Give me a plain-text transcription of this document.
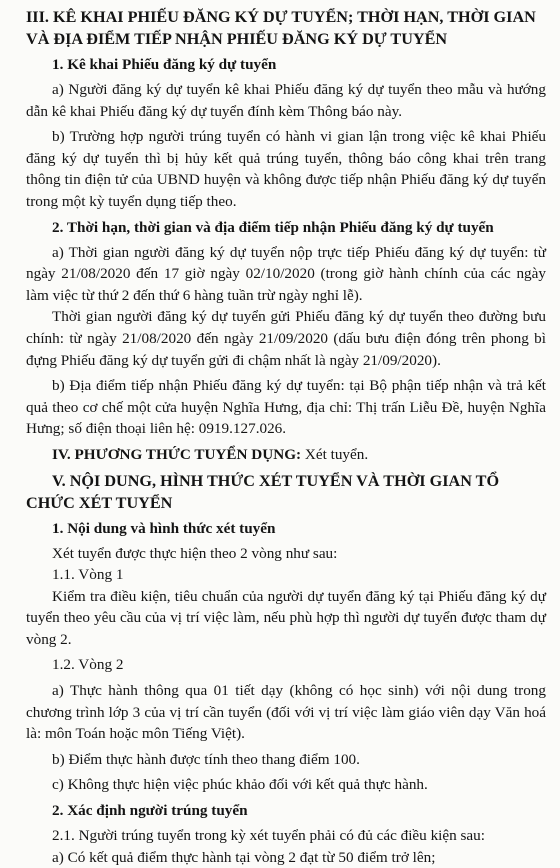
III. KÊ KHAI PHIẾU ĐĂNG KÝ DỰ TUYỂN; THỜI HẠN, THỜI GIAN VÀ ĐỊA ĐIỂM TIẾP NHẬN PHIẾU ĐĂNG KÝ DỰ TUYỂN

1. Kê khai Phiếu đăng ký dự tuyển

a) Người đăng ký dự tuyển kê khai Phiếu đăng ký dự tuyển theo mẫu và hướng dẫn kê khai Phiếu đăng ký dự tuyển đính kèm Thông báo này.

b) Trường hợp người trúng tuyển có hành vi gian lận trong việc kê khai Phiếu đăng ký dự tuyển thì bị hủy kết quả trúng tuyển, thông báo công khai trên trang thông tin điện tử của UBND huyện và không được tiếp nhận Phiếu đăng ký dự tuyển trong một kỳ tuyển dụng tiếp theo.

2. Thời hạn, thời gian và địa điểm tiếp nhận Phiếu đăng ký dự tuyển

a) Thời gian người đăng ký dự tuyển nộp trực tiếp Phiếu đăng ký dự tuyển: từ ngày 21/08/2020 đến 17 giờ ngày 02/10/2020 (trong giờ hành chính của các ngày làm việc từ thứ 2 đến thứ 6 hàng tuần trừ ngày nghỉ lễ).

Thời gian người đăng ký dự tuyển gửi Phiếu đăng ký dự tuyển theo đường bưu chính: từ ngày 21/08/2020 đến ngày 21/09/2020 (dấu bưu điện đóng trên phong bì đựng Phiếu đăng ký dự tuyển gửi đi chậm nhất là ngày 21/09/2020).

b) Địa điểm tiếp nhận Phiếu đăng ký dự tuyển: tại Bộ phận tiếp nhận và trả kết quả theo cơ chế một cửa huyện Nghĩa Hưng, địa chỉ: Thị trấn Liễu Đề, huyện Nghĩa Hưng; số điện thoại liên hệ: 0919.127.026.

IV. PHƯƠNG THỨC TUYỂN DỤNG: Xét tuyển.

V. NỘI DUNG, HÌNH THỨC XÉT TUYỂN VÀ THỜI GIAN TỔ CHỨC XÉT TUYỂN

1. Nội dung và hình thức xét tuyển

Xét tuyển được thực hiện theo 2 vòng như sau:

1.1. Vòng 1

Kiểm tra điều kiện, tiêu chuẩn của người dự tuyển đăng ký tại Phiếu đăng ký dự tuyển theo yêu cầu của vị trí việc làm, nếu phù hợp thì người dự tuyển được tham dự vòng 2.

1.2. Vòng 2

a) Thực hành thông qua 01 tiết dạy (không có học sinh) với nội dung trong chương trình lớp 3 của vị trí cần tuyển (đối với vị trí việc làm giáo viên dạy Văn hoá là: môn Toán hoặc môn Tiếng Việt).

b) Điểm thực hành được tính theo thang điểm 100.

c) Không thực hiện việc phúc khảo đối với kết quả thực hành.

2. Xác định người trúng tuyển

2.1. Người trúng tuyển trong kỳ xét tuyển phải có đủ các điều kiện sau:

a) Có kết quả điểm thực hành tại vòng 2 đạt từ 50 điểm trở lên;
